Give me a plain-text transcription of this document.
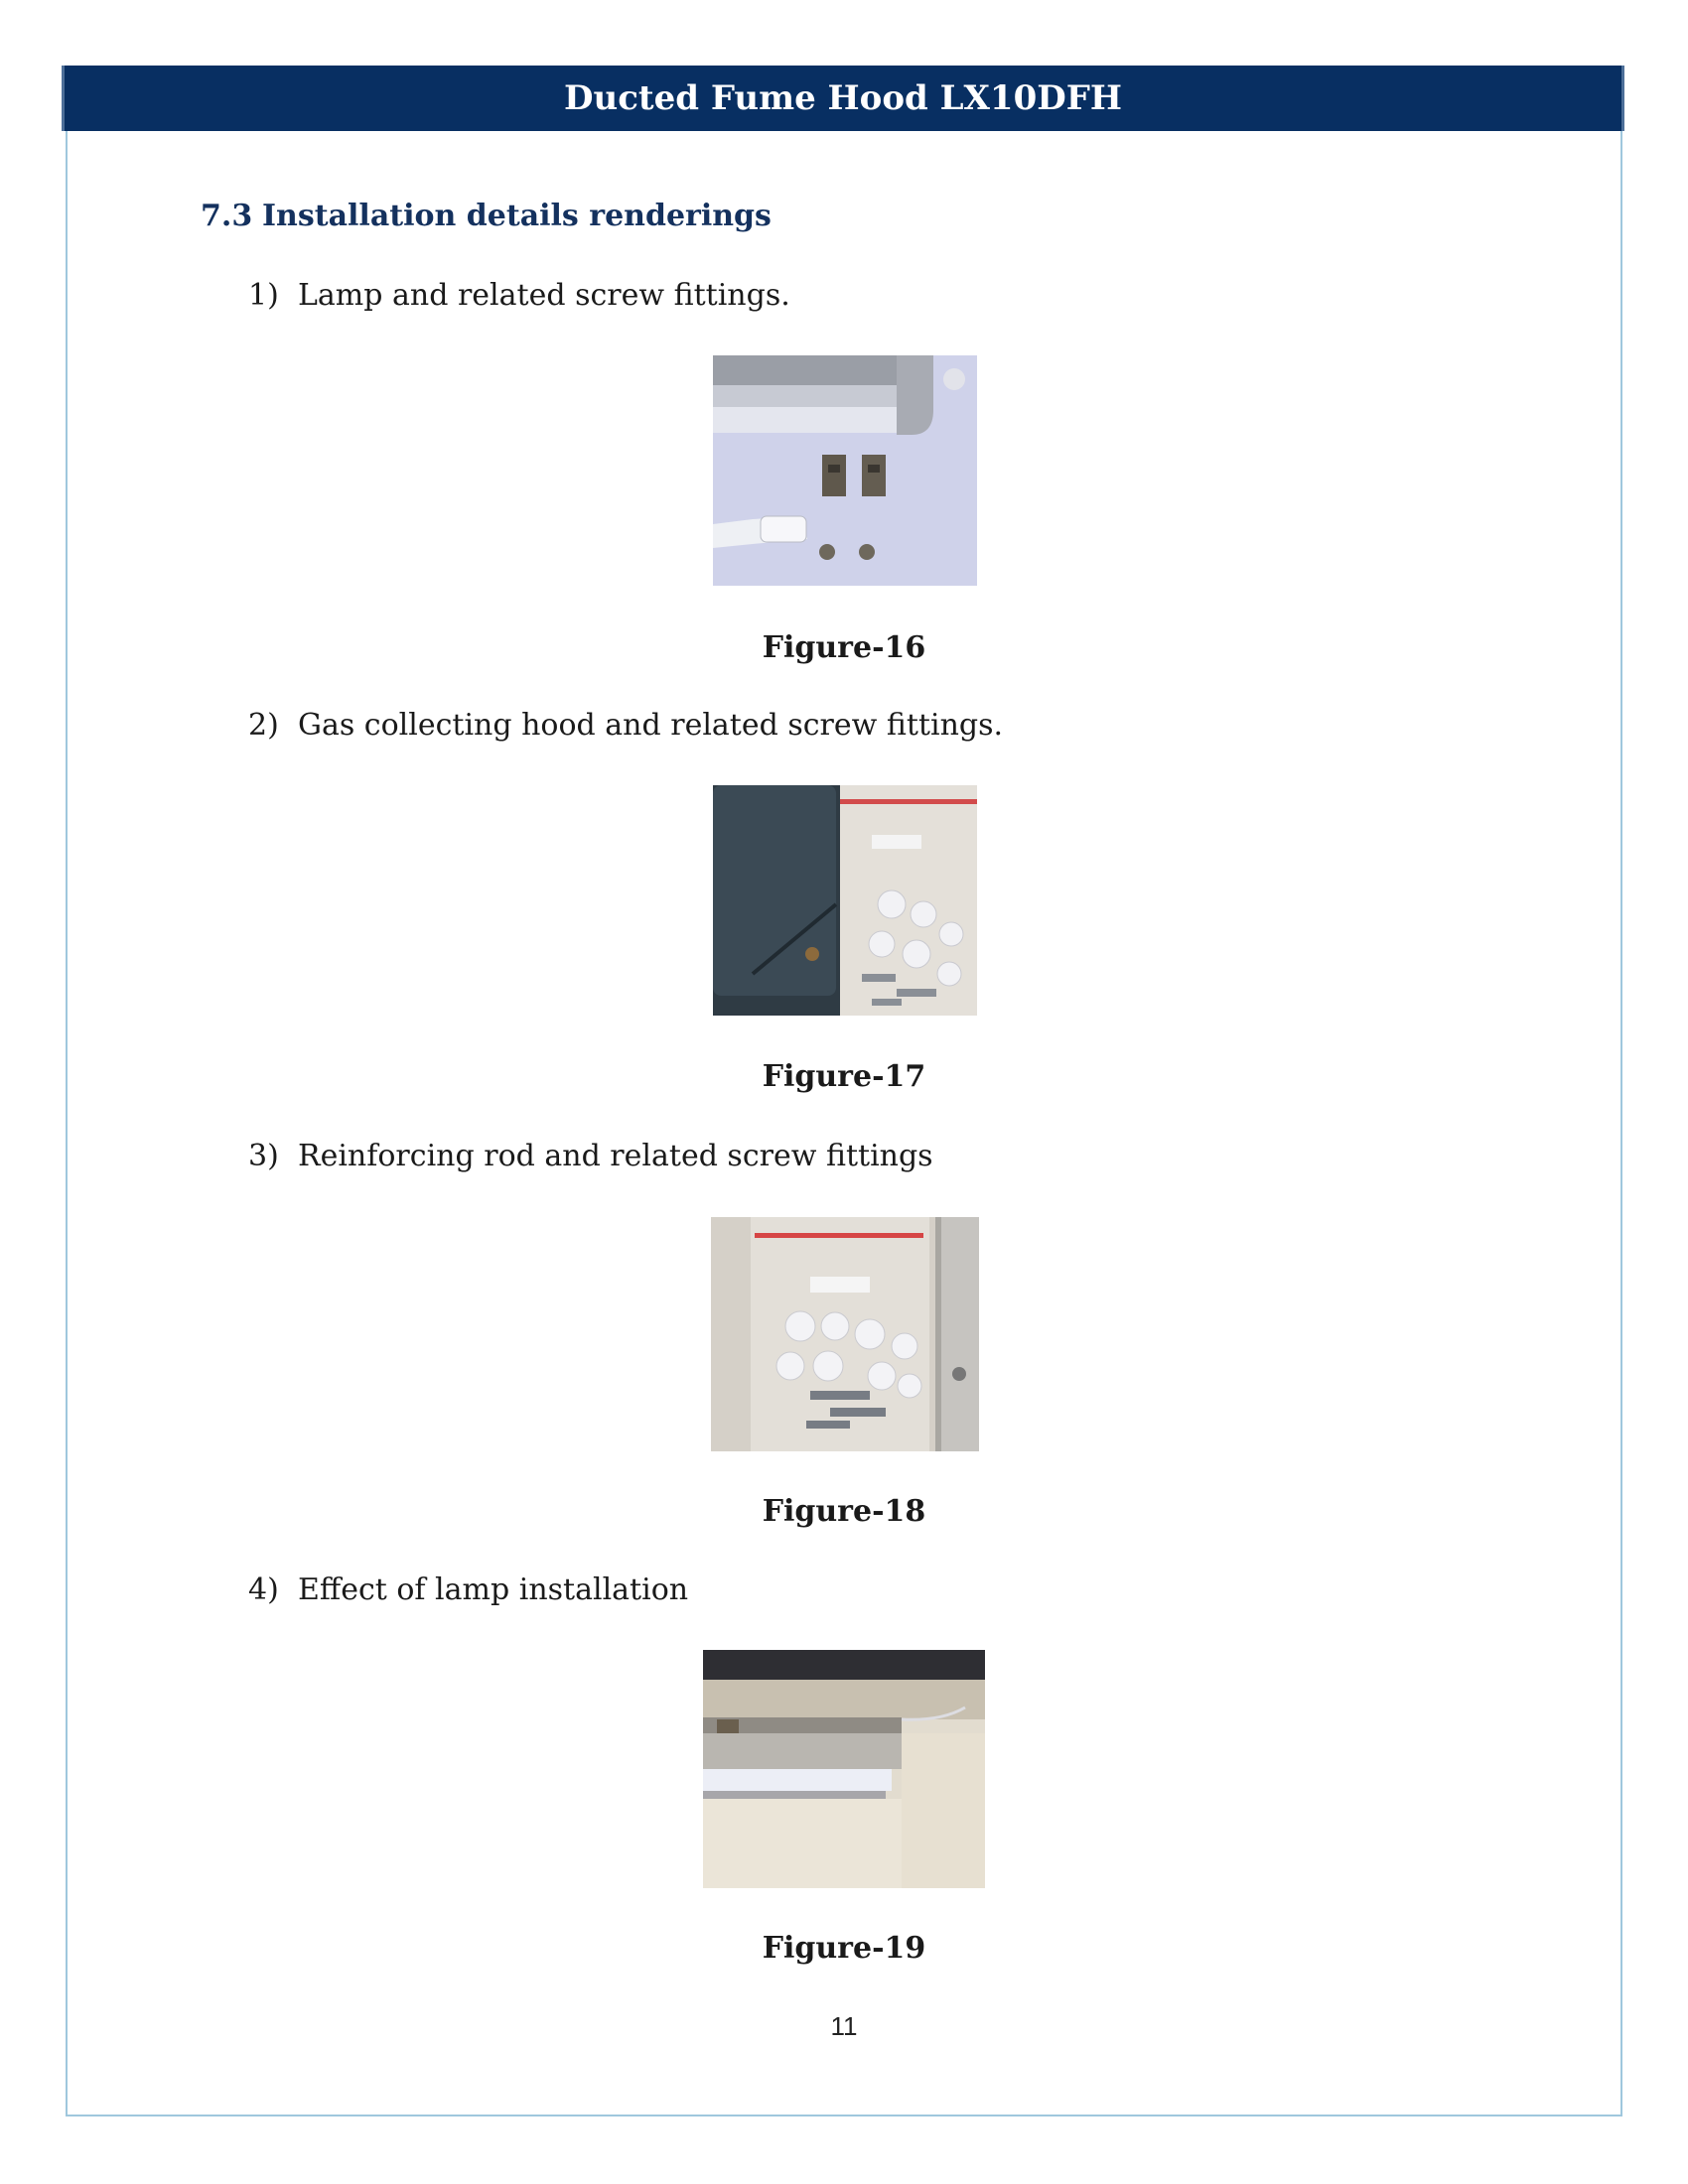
Ducted Fume Hood LX10DFH
7.3 Installation details renderings
1) Lamp and related screw fittings.
Figure-16
2) Gas collecting hood and related screw fittings.
Figure-17
3) Reinforcing rod and related screw fittings
Figure-18
4) Effect of lamp installation
Figure-19
11
